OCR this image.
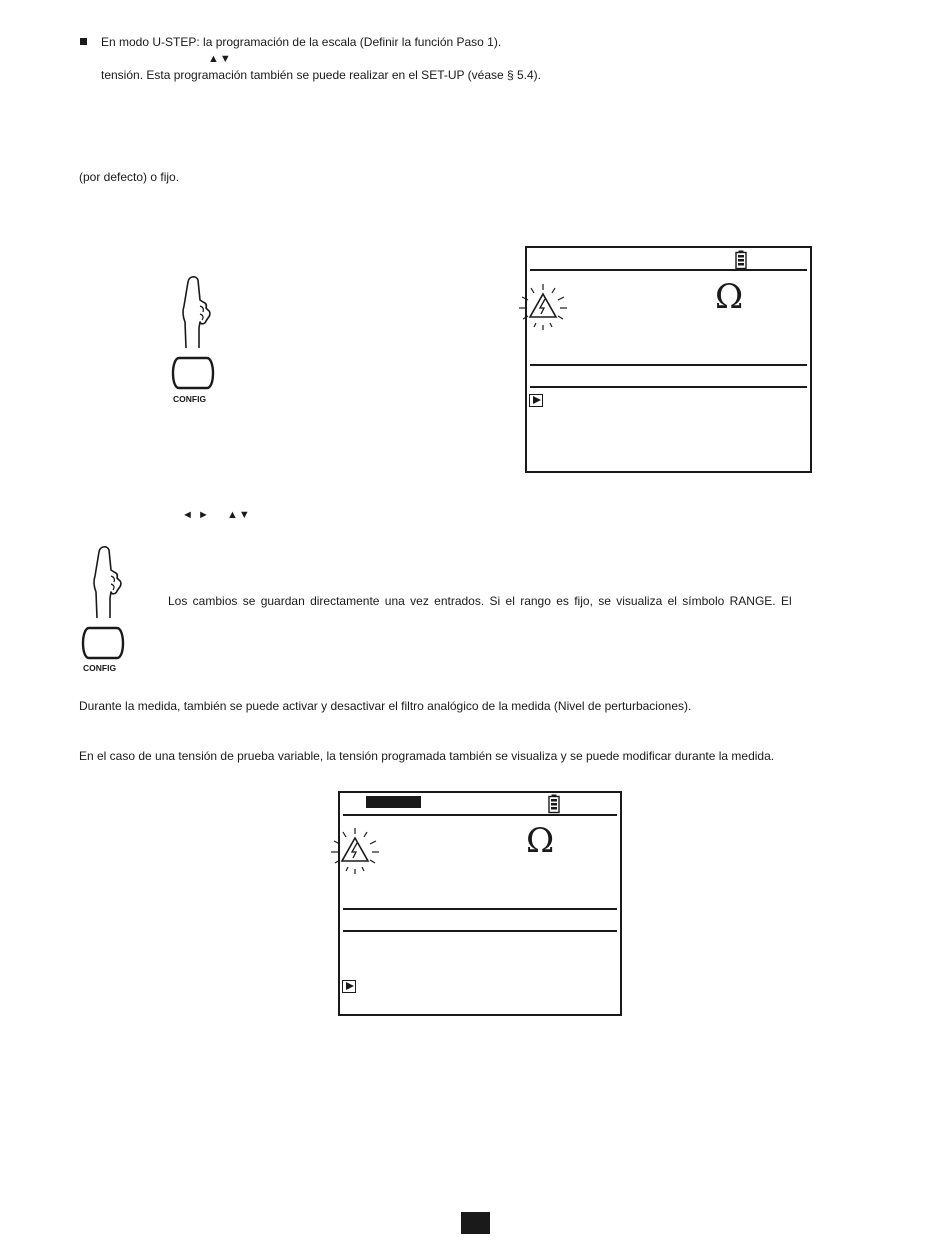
En modo U-STEP: la programación de la escala (Definir la función Paso 1).
▲▼
tensión. Esta programación también se puede realizar en el SET-UP (véase § 5.4).
(por defecto) o fijo.
CONFIG
Ω
◄ ► ▲▼
Los cambios se guardan directamente una vez entrados. Si el rango es fijo, se visualiza el símbolo RANGE. El
CONFIG
Durante la medida, también se puede activar y desactivar el filtro analógico de la medida (Nivel de perturbaciones).
En el caso de una tensión de prueba variable, la tensión programada también se visualiza y se puede modificar durante la medida.
Ω
